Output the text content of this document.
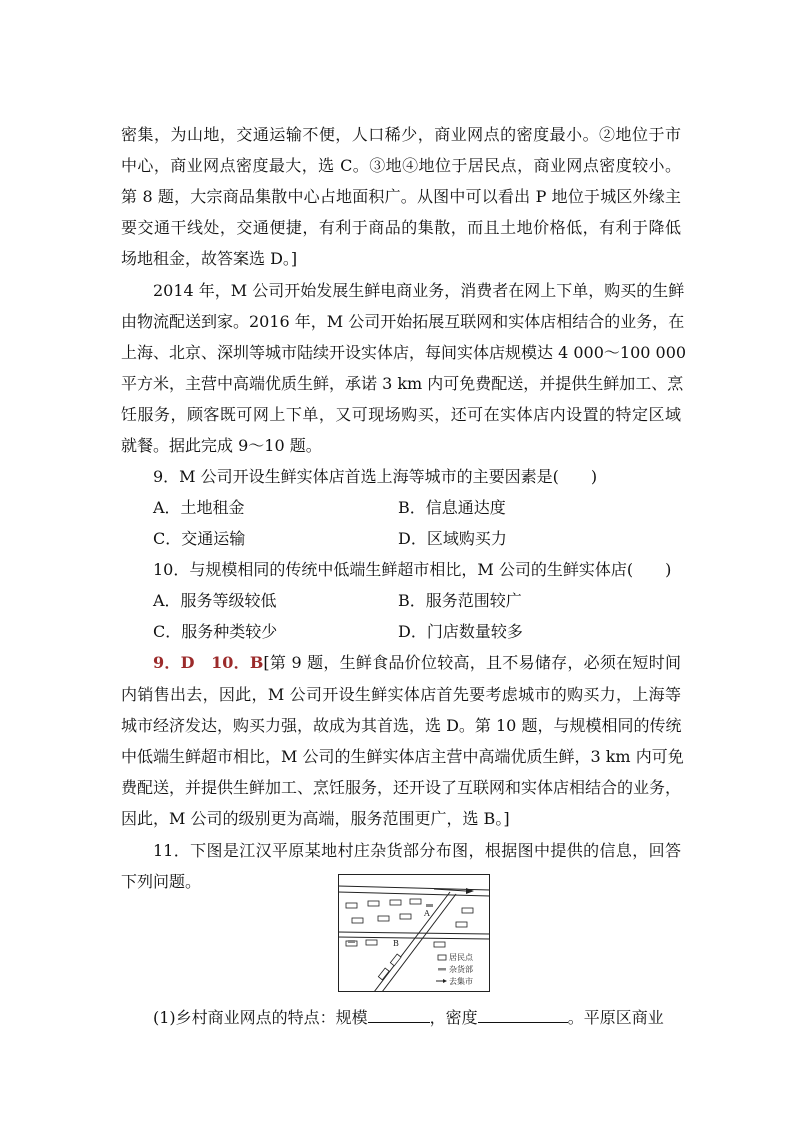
密集，为山地，交通运输不便，人口稀少，商业网点的密度最小。②地位于市
中心，商业网点密度最大，选 C。③地④地位于居民点，商业网点密度较小。
第 8 题，大宗商品集散中心占地面积广。从图中可以看出 P 地位于城区外缘主
要交通干线处，交通便捷，有利于商品的集散，而且土地价格低，有利于降低
场地租金，故答案选 D。]
2014 年，M 公司开始发展生鲜电商业务，消费者在网上下单，购买的生鲜
由物流配送到家。2016 年，M 公司开始拓展互联网和实体店相结合的业务，在
上海、北京、深圳等城市陆续开设实体店，每间实体店规模达 4 000～100 000
平方米，主营中高端优质生鲜，承诺 3 km 内可免费配送，并提供生鲜加工、烹
饪服务，顾客既可网上下单，又可现场购买，还可在实体店内设置的特定区域
就餐。据此完成 9～10 题。
9．M 公司开设生鲜实体店首选上海等城市的主要因素是(　　)
A．土地租金	B．信息通达度
C．交通运输	D．区域购买力
10．与规模相同的传统中低端生鲜超市相比，M 公司的生鲜实体店(　　)
A．服务等级较低	B．服务范围较广
C．服务种类较少	D．门店数量较多
9．D　10．B[第 9 题，生鲜食品价位较高，且不易储存，必须在短时间
内销售出去，因此，M 公司开设生鲜实体店首先要考虑城市的购买力，上海等
城市经济发达，购买力强，故成为其首选，选 D。第 10 题，与规模相同的传统
中低端生鲜超市相比，M 公司的生鲜实体店主营中高端优质生鲜，3 km 内可免
费配送，并提供生鲜加工、烹饪服务，还开设了互联网和实体店相结合的业务，
因此，M 公司的级别更为高端，服务范围更广，选 B。]
11．下图是江汉平原某地村庄杂货部分布图，根据图中提供的信息，回答
下列问题。
A
B
居民点
杂货部
去集市
(1)乡村商业网点的特点：规模	，密度	。平原区商业
